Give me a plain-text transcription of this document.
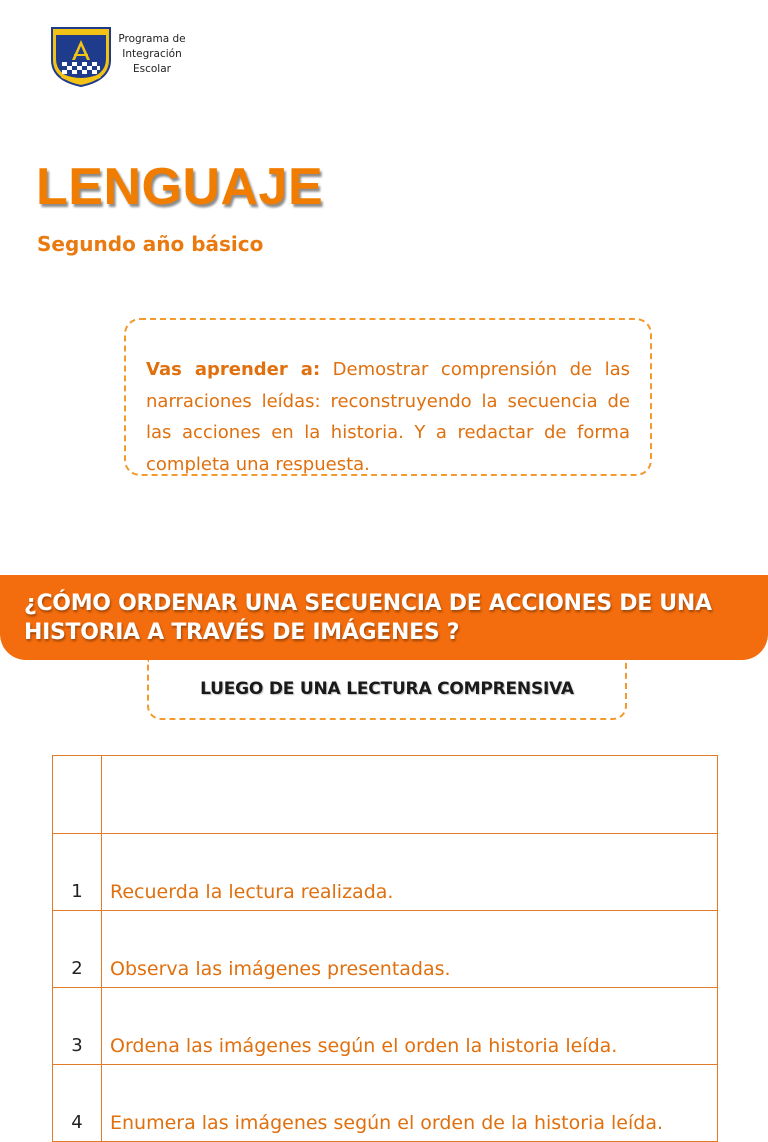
Programa de
Integración
Escolar
LENGUAJE

Segundo año básico

Vas aprender a: Demostrar comprensión de las narraciones leídas: reconstruyendo la secuencia de las acciones en la historia. Y a redactar de forma completa una respuesta.

¿CÓMO ORDENAR UNA SECUENCIA DE ACCIONES DE UNA HISTORIA A TRAVÉS DE IMÁGENES ?
LUEGO DE UNA LECTURA COMPRENSIVA

1	Recuerda la lectura realizada.
2	Observa las imágenes presentadas.
3	Ordena las imágenes según el orden la historia leída.
4	Enumera las imágenes según el orden de la historia leída.
